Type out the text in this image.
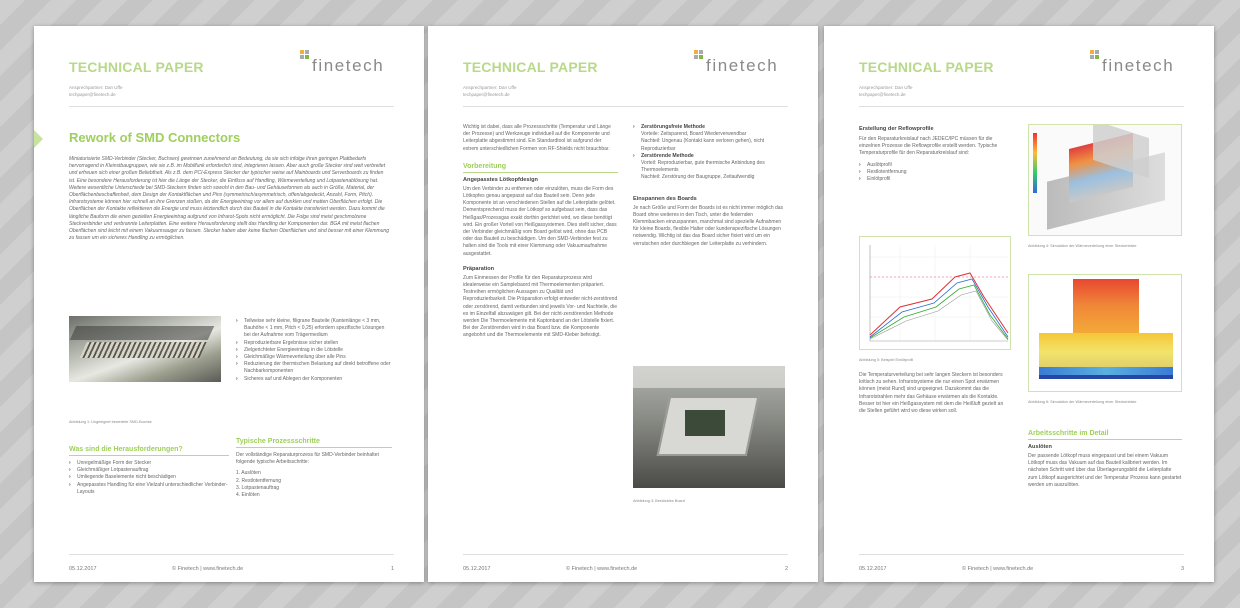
TECHNICAL PAPER	finetech
Ansprechpartner: Dan Uffe
techpaper@finetech.de
Rework of SMD Connectors
Miniaturisierte SMD-Verbinder (Stecker, Buchsen) gewinnen zunehmend an Bedeutung, da sie sich infolge ihren geringen Plattbedarfs hervorragend in Kleinstbaugruppen, wie sie z.B. im Mobilfunk erforderlich sind, integrieren lassen. Aber auch große Stecker sind weit verbreitet und erfreuen sich einer großen Beliebtheit. Als z.B. dem PCI-Express Stecker der typischer weise auf Mainboards und Serverboards zu finden ist. Eine besondere Herausforderung ist hier die Länge der Stecker, die Einfluss auf Handling, Wärmeverteilung und Lotpastenablösung hat. Weitere wesentliche Unterschiede bei SMD-Steckern finden sich sowohl in den Bau- und Gehäuseformen als auch in Größe, Material, der Oberflächenbeschaffenheit, dem Design der Kontaktflächen und Pins (symmetrisch/asymmetrisch, offen/abgedeckt, Anzahl, Form, Pitch). Infrarotsysteme können hier schnell an ihre Grenzen stoßen, da der Energieeintrag vor allem auf dunklen und matten Oberflächen erfolgt. Die Oberflächen der Kontakte reflektieren die Energie und muss letztendlich durch das Bauteil in die Kontakte transferiert werden. Dazu kommt die längliche Bauform die einen gezielten Energieeintrag aufgrund von Infrarot-Spots nicht ermöglicht. Die Folge sind meist geschmolzene Steckverbinder und verbrannte Leiterplatten. Eine weitere Herausforderung stellt das Handling der Komponenten dar. BGA mit meist flachen Oberflächen sind leicht mit einem Vakuumsauger zu fassen. Stecker haben aber keine flachen Oberflächen und sind besser mit einer Klemmung zu fassen um ein sicheres Handling zu ermöglichen.
Abbildung 1: Ungeeignet bewertete SMD-Buchse
› Teilweise sehr kleine, filigrane Bauteile (Kantenlänge < 3 mm, Bauhöhe < 1 mm, Pitch < 0,25) erfordern spezifische Lösungen bei der Aufnahme vom Trägermedium
› Reproduzierbare Ergebnisse sicher stellen
› Zielgerichteter Energieeintrag in die Lötstelle
› Gleichmäßige Wärmeverteilung über alle Pins
› Reduzierung der thermischen Belastung auf direkt betroffene oder Nachbarkomponenten
› Sicheres auf und Ablegen der Komponenten
Was sind die Herausforderungen?
› Unregelmäßige Form der Stecker
› Gleichmäßiger Lotpastenauftrag
› Umliegende Baselemente nicht beschädigen
› Angepasstes Handling für eine Vielzahl unterschiedlicher Verbinder-Layouts
Typische Prozessschritte
Der vollständige Reparaturprozess für SMD-Verbinder beinhaltet folgende typische Arbeitsschritte:
1. Auslöten
2. Restlotentfernung
3. Lotpastenauftrag
4. Einlöten
05.12.2017	© Finetech | www.finetech.de	1
TECHNICAL PAPER	finetech
Ansprechpartner: Dan Uffe
techpaper@finetech.de
Wichtig ist dabei, dass alle Prozessschritte (Temperatur und Länge der Prozesse) und Werkzeuge individuell auf die Komponente und Leiterplatte abgestimmt sind. Ein Standardtool ist aufgrund der extrem unterschiedlichen Formen von RF-Shields nicht brauchbar.
Vorbereitung
Angepasstes Lötkopfdesign
Um den Verbinder zu entfernen oder einzulöten, muss die Form des Lötkopfes genau angepasst auf das Bauteil sein. Denn jede Komponente ist an verschiedenen Stellen auf die Leiterplatte gelötet. Dementsprechend muss der Lötkopf so aufgebaut sein, dass das Heißgas/Prozessgas exakt dorthin gerichtet wird, wo diese benötigt wird. Ein großer Vorteil von Heißgassystemen. Dies stellt sicher, dass der Verbinder gleichmäßig vom Board gelöst wird, ohne das PCB oder das Bauteil zu beschädigen. Um den SMD-Verbinder fest zu halten sind die Tools mit einer Klemmung oder Vakuumaufnahme ausgestattet.
Präparation
Zum Einmessen der Profile für den Reparaturprozess wird idealerweise ein Samplebaord mit Thermoelementen präpariert. Testreihen ermöglichen Aussagen zu Qualität und Reproduzierbarkeit. Die Präparation erfolgt entweder nicht-zerstörend oder zerstörend, damit verbunden sind jeweils Vor- und Nachteile, die es im Einzelfall abzuwägen gilt. Bei der nicht-zerstörenden Methode werden Die Thermoelemente mit Kaptonband an der Lötstelle fixiert. Bei der Zerstörenden wird in das Board bzw. die Komponente angebohrt und die Thermoelemente mit SMD-Kleber befestigt.
› Zerstörungsfreie Methode
Vorteile: Zeitsparend, Board Wiederverwendbar
Nachteil: Ungenau (Kontakt kann verloren gehen), nicht Reproduzierbar
› Zerstörende Methode
Vorteil: Reproduzierbar, gute thermische Anbindung des Thermoelements
Nachteil: Zerstörung der Baugruppe, Zeitaufwendig
Einspannen des Boards
Je nach Größe und Form der Boards ist es nicht immer möglich das Board ohne weiteres in den Tisch, unter die federnden Klemmbacken einzuspannen, manchmal sind spezielle Aufnahmen für kleine Boards, flexible Halter oder kundenspezifische Lösungen notwendig. Wichtig ist das das Board sicher fixiert wird um ein verrutschen oder durchbiegen der Leiterplatte zu verhindern.
Abbildung 3: Bestücktes Board
05.12.2017	© Finetech | www.finetech.de	2
TECHNICAL PAPER	finetech
Ansprechpartner: Dan Uffe
techpaper@finetech.de
Erstellung der Reflowprofile
Für den Reparaturkreislauf nach JEDEC/IPC müssen für die einzelnen Prozesse die Reflowprofile erstellt werden. Typische Temperaturprofile für den Reparaturkreislauf sind:
› Auslötprofil
› Restlotentfernung
› Einlötprofil
Abbildung 5: Beispiel Einlötprofil
Die Temperaturverteilung bei sehr langen Steckern ist besonders kritisch zu sehen. Infrarotsysteme die nur einen Spot erwärmen können (meist Rund) sind ungeeignet. Dazukommt das die Infrarotstrahlen mehr das Gehäuse erwärmen als die Kontakte. Besser ist hier ein Heißgassystem mit dem die Heißluft gezielt an die Stellen geführt wird wo diese wirken soll.
Abbildung 4: Simulation der Wärmeverteilung einer Steckerleiste
Abbildung 6: Simulation der Wärmeverteilung einer Steckerleiste
Arbeitsschritte im Detail
Auslöten
Der passende Lötkopf muss eingepasst und bei einem Vakuum Lötkopf muss das Vakuum auf das Bauteil kalibriert werden. Im nächsten Schritt wird über das Überlagerungsbild die Leiterplatte zum Lötkopf ausgerichtet und der Temperatur Prozess kann gestartet werden um auszulöten.
05.12.2017	© Finetech | www.finetech.de	3
